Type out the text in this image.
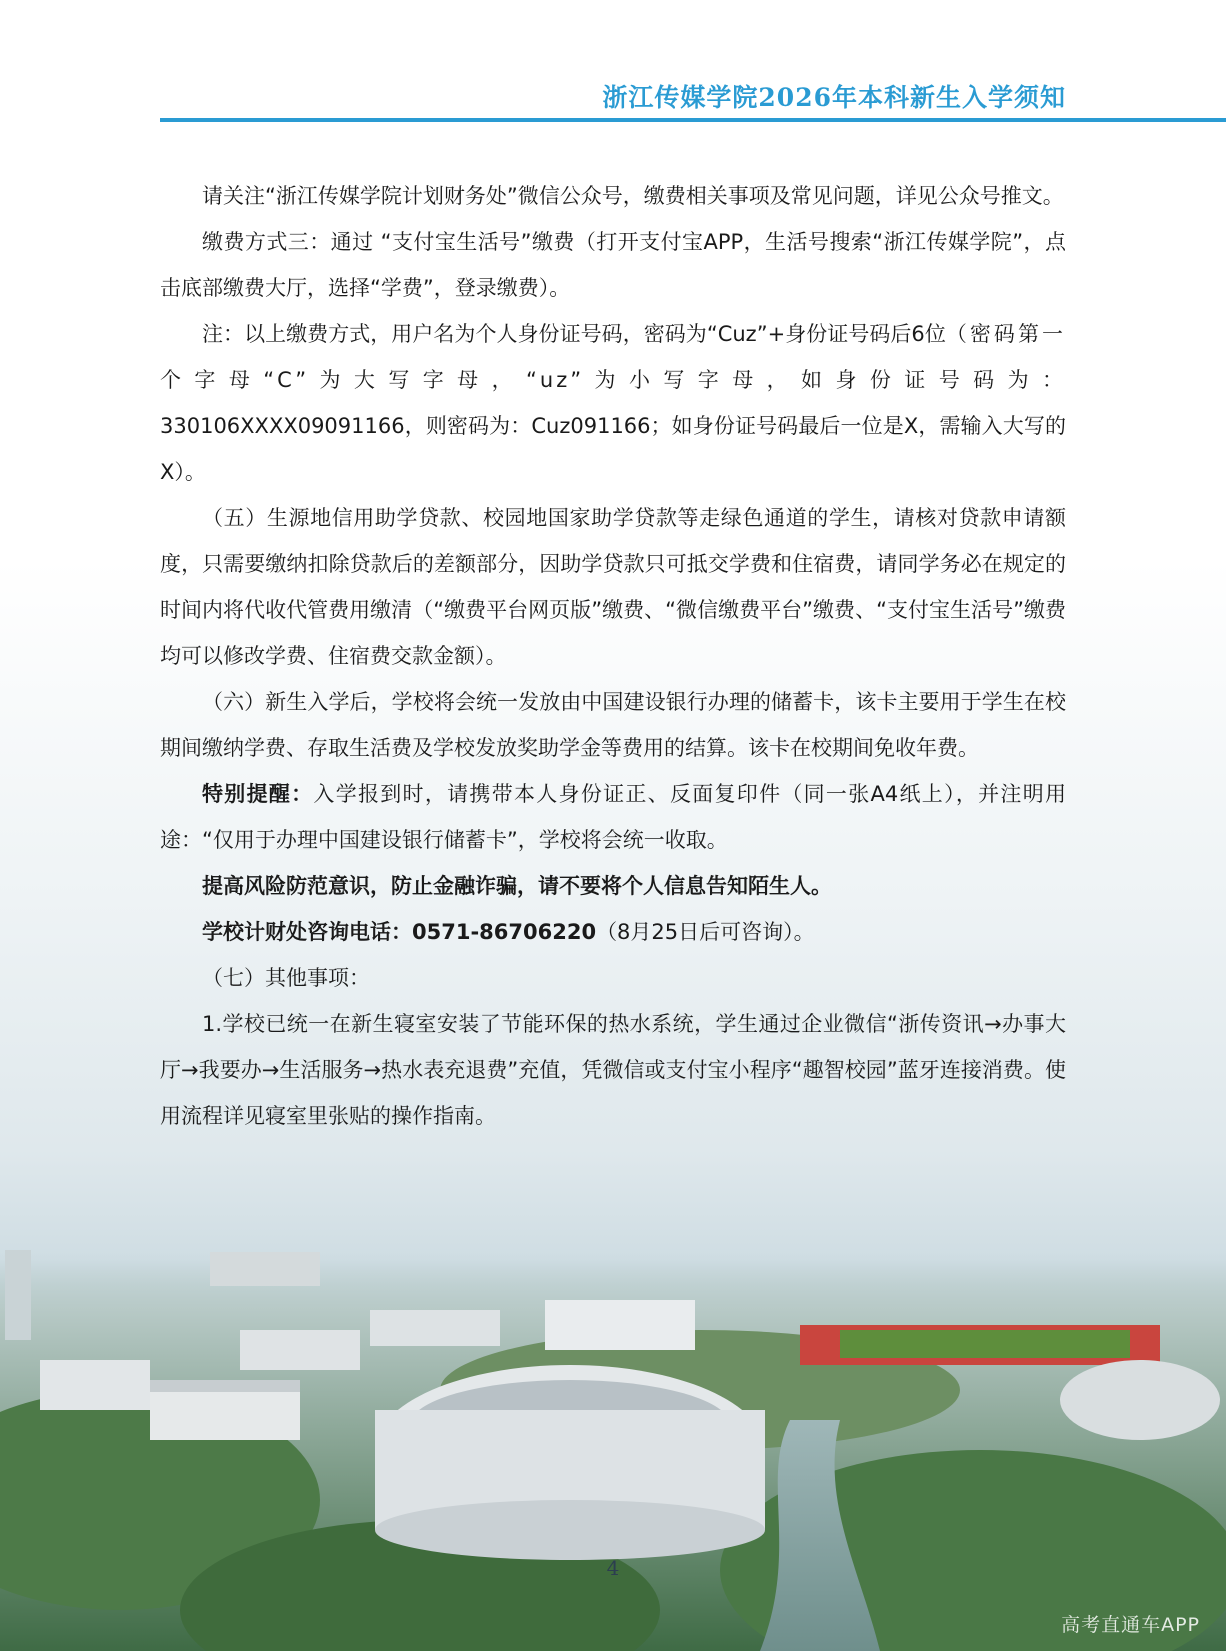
浙江传媒学院2026年本科新生入学须知

请关注“浙江传媒学院计划财务处”微信公众号，缴费相关事项及常见问题，详见公众号推文。

缴费方式三：通过 “支付宝生活号”缴费（打开支付宝APP，生活号搜索“浙江传媒学院”，点击底部缴费大厅，选择“学费”，登录缴费）。

注：以上缴费方式，用户名为个人身份证号码，密码为“Cuz”+身份证号码后6位（密码第一个字母“C”为大写字母，“uz”为小写字母，如身份证号码为：330106XXXX09091166，则密码为：Cuz091166；如身份证号码最后一位是X，需输入大写的X）。

（五）生源地信用助学贷款、校园地国家助学贷款等走绿色通道的学生，请核对贷款申请额度，只需要缴纳扣除贷款后的差额部分，因助学贷款只可抵交学费和住宿费，请同学务必在规定的时间内将代收代管费用缴清（“缴费平台网页版”缴费、“微信缴费平台”缴费、“支付宝生活号”缴费均可以修改学费、住宿费交款金额）。

（六）新生入学后，学校将会统一发放由中国建设银行办理的储蓄卡，该卡主要用于学生在校期间缴纳学费、存取生活费及学校发放奖助学金等费用的结算。该卡在校期间免收年费。

特别提醒：入学报到时，请携带本人身份证正、反面复印件（同一张A4纸上），并注明用途：“仅用于办理中国建设银行储蓄卡”，学校将会统一收取。

提高风险防范意识，防止金融诈骗，请不要将个人信息告知陌生人。

学校计财处咨询电话：0571-86706220（8月25日后可咨询）。

（七）其他事项：

1.学校已统一在新生寝室安装了节能环保的热水系统，学生通过企业微信“浙传资讯→办事大厅→我要办→生活服务→热水表充退费”充值，凭微信或支付宝小程序“趣智校园”蓝牙连接消费。使用流程详见寝室里张贴的操作指南。

4
高考直通车APP
